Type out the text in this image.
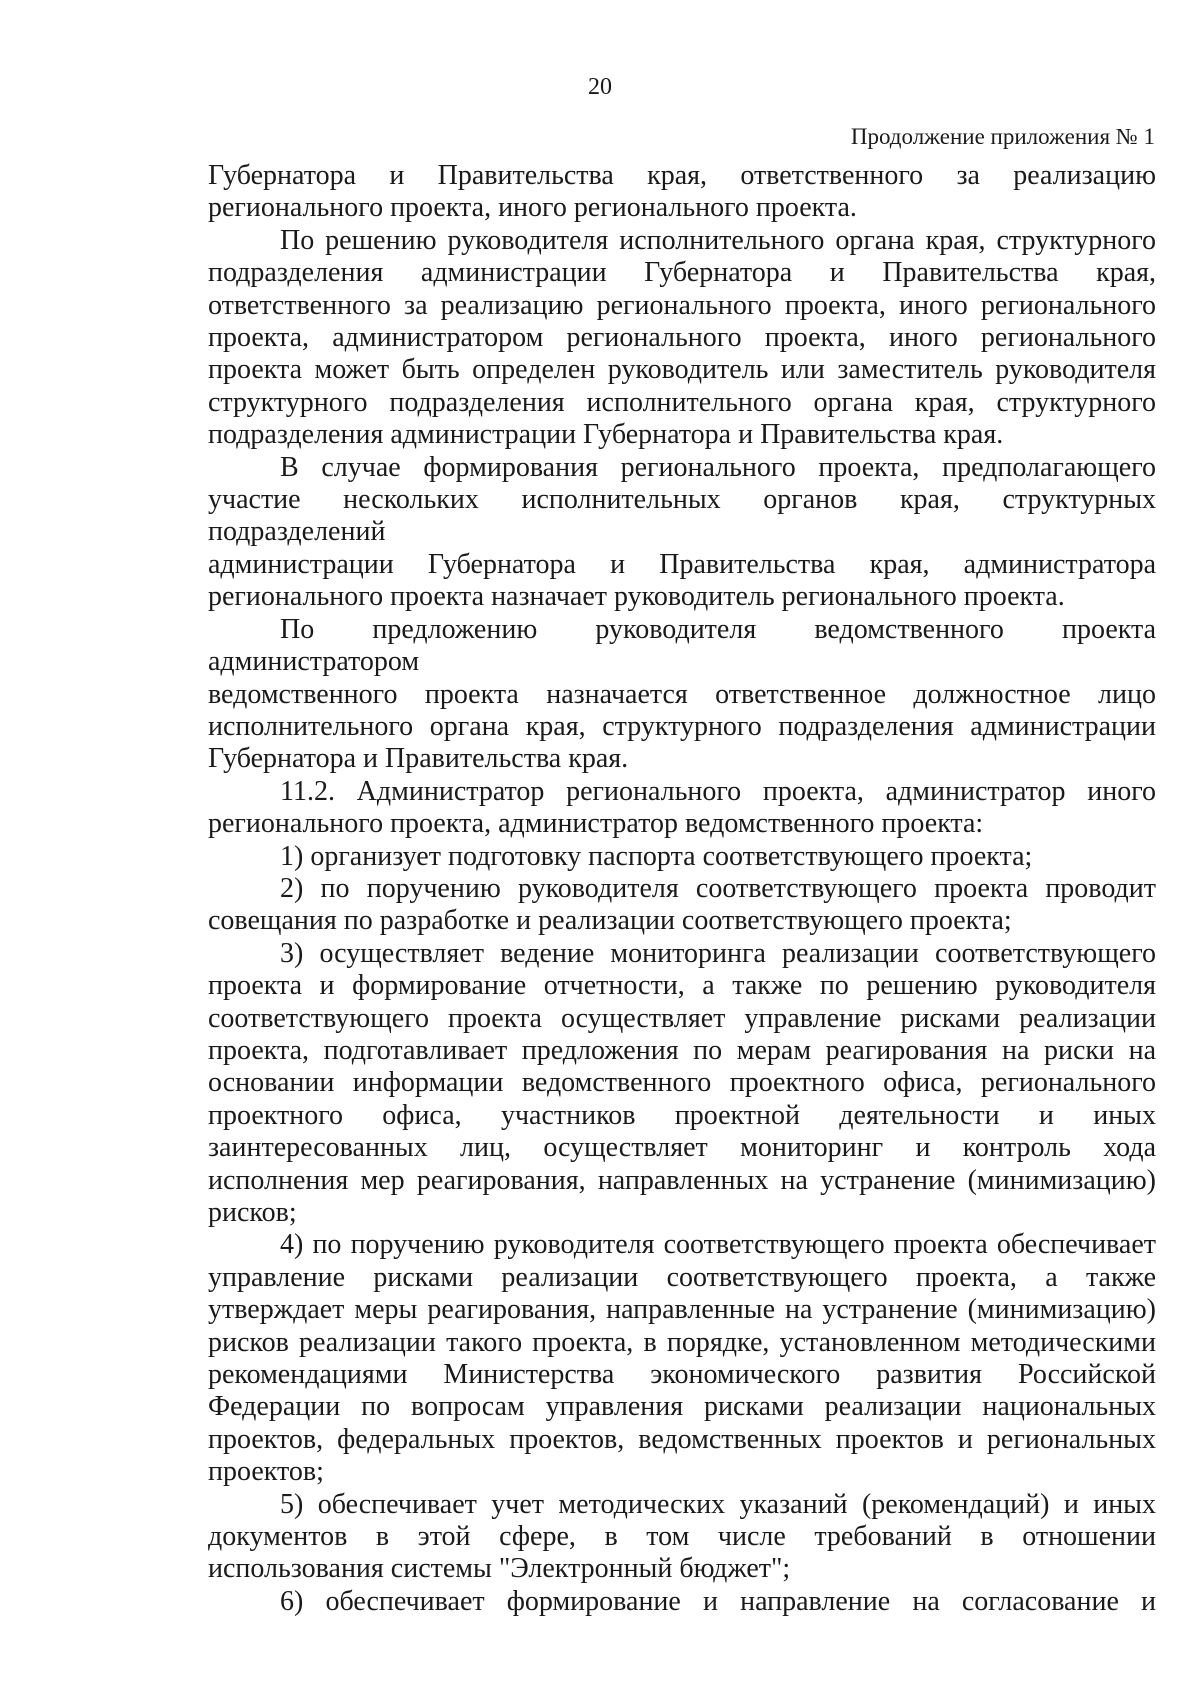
20
Продолжение приложения № 1

Губернатора и Правительства края, ответственного за реализацию

регионального проекта, иного регионального проекта.

По решению руководителя исполнительного органа края, структурного

подразделения администрации Губернатора и Правительства края,

ответственного за реализацию регионального проекта, иного регионального

проекта, администратором регионального проекта, иного регионального

проекта может быть определен руководитель или заместитель руководителя

структурного подразделения исполнительного органа края, структурного

подразделения администрации Губернатора и Правительства края.

В случае формирования регионального проекта, предполагающего

участие нескольких исполнительных органов края, структурных подразделений

администрации Губернатора и Правительства края, администратора

регионального проекта назначает руководитель регионального проекта.

По предложению руководителя ведомственного проекта администратором

ведомственного проекта назначается ответственное должностное лицо

исполнительного органа края, структурного подразделения администрации

Губернатора и Правительства края.

11.2. Администратор регионального проекта, администратор иного

регионального проекта, администратор ведомственного проекта:

1) организует подготовку паспорта соответствующего проекта;

2) по поручению руководителя соответствующего проекта проводит

совещания по разработке и реализации соответствующего проекта;

3) осуществляет ведение мониторинга реализации соответствующего

проекта и формирование отчетности, а также по решению руководителя

соответствующего проекта осуществляет управление рисками реализации

проекта, подготавливает предложения по мерам реагирования на риски на

основании информации ведомственного проектного офиса, регионального

проектного офиса, участников проектной деятельности и иных

заинтересованных лиц, осуществляет мониторинг и контроль хода

исполнения мер реагирования, направленных на устранение (минимизацию)

рисков;

4) по поручению руководителя соответствующего проекта обеспечивает

управление рисками реализации соответствующего проекта, а также

утверждает меры реагирования, направленные на устранение (минимизацию)

рисков реализации такого проекта, в порядке, установленном методическими

рекомендациями Министерства экономического развития Российской

Федерации по вопросам управления рисками реализации национальных

проектов, федеральных проектов, ведомственных проектов и региональных

проектов;

5) обеспечивает учет методических указаний (рекомендаций) и иных

документов в этой сфере, в том числе требований в отношении

использования системы "Электронный бюджет";

6) обеспечивает формирование и направление на согласование и
